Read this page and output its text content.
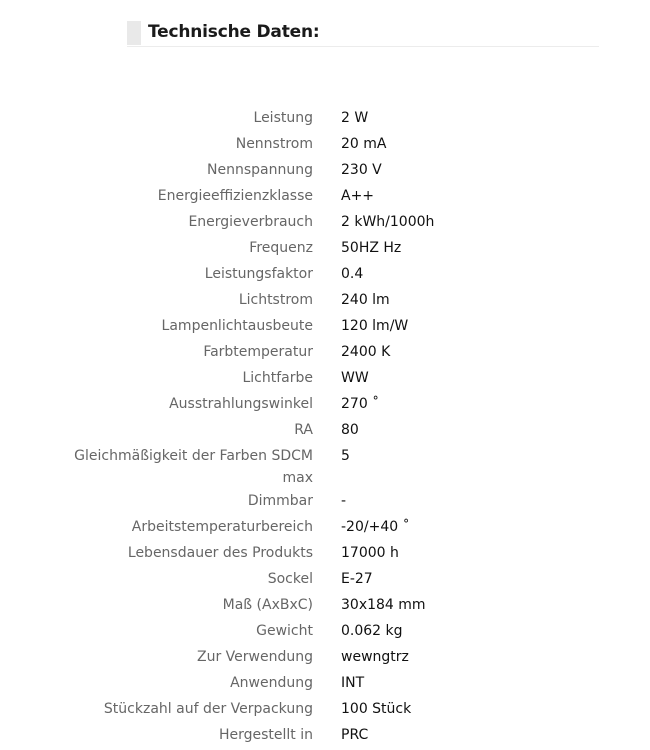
Technische Daten:
Leistung 2 W
Nennstrom 20 mA
Nennspannung 230 V
Energieeffizienzklasse A++
Energieverbrauch 2 kWh/1000h
Frequenz 50HZ Hz
Leistungsfaktor 0.4
Lichtstrom 240 lm
Lampenlichtausbeute 120 lm/W
Farbtemperatur 2400 K
Lichtfarbe WW
Ausstrahlungswinkel 270 ˚
RA 80
Gleichmäßigkeit der Farben SDCM max
5
Dimmbar -
Arbeitstemperaturbereich -20/+40 ˚
Lebensdauer des Produkts 17000 h
Sockel E-27
Maß (AxBxC) 30x184 mm
Gewicht 0.062 kg
Zur Verwendung wewngtrz
Anwendung INT
Stückzahl auf der Verpackung 100 Stück
Hergestellt in PRC
